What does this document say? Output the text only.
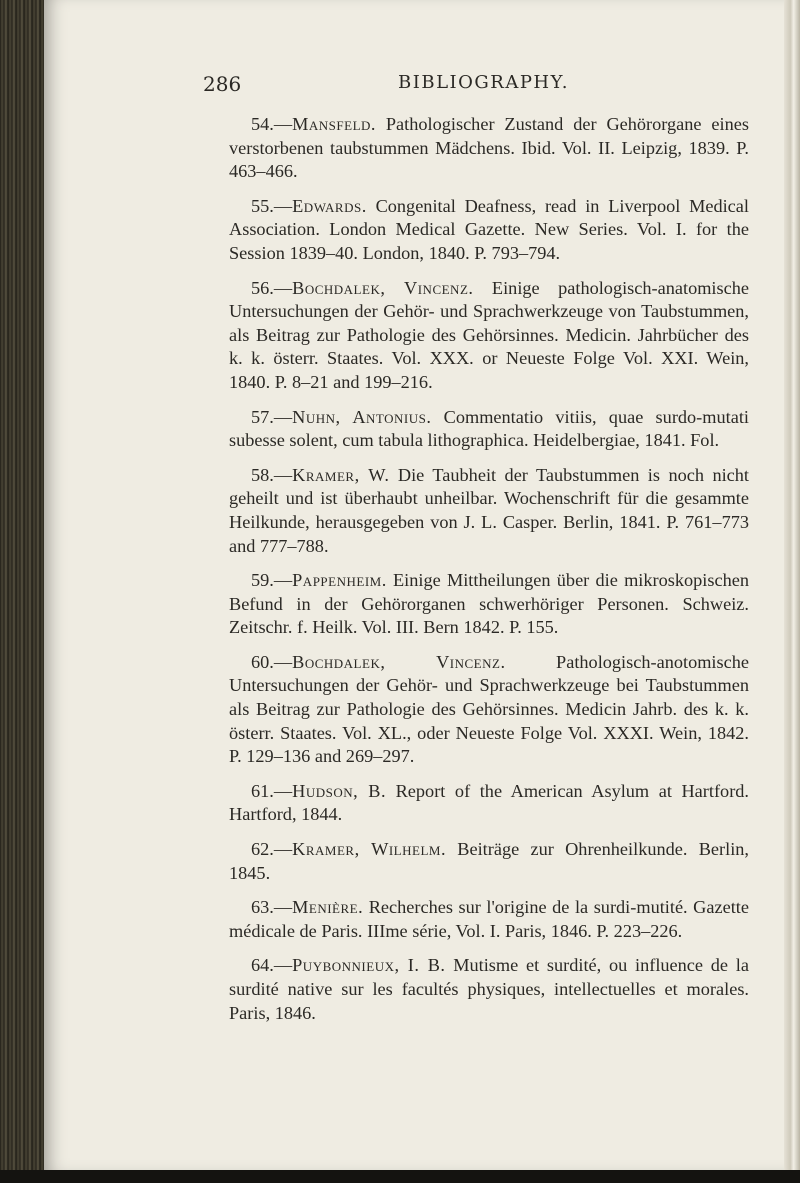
286	BIBLIOGRAPHY.

54.—Mansfeld. Pathologischer Zustand der Gehörorgane eines verstorbenen taubstummen Mädchens. Ibid. Vol. II. Leipzig, 1839. P. 463–466.

55.—Edwards. Congenital Deafness, read in Liverpool Medical Association. London Medical Gazette. New Series. Vol. I. for the Session 1839–40. London, 1840. P. 793–794.

56.—Bochdalek, Vincenz. Einige pathologisch-anatomische Untersuchungen der Gehör- und Sprachwerkzeuge von Taubstummen, als Beitrag zur Pathologie des Gehörsinnes. Medicin. Jahrbücher des k. k. österr. Staates. Vol. XXX. or Neueste Folge Vol. XXI. Wein, 1840. P. 8–21 and 199–216.

57.—Nuhn, Antonius. Commentatio vitiis, quae surdo-mutati subesse solent, cum tabula lithographica. Heidelbergiae, 1841. Fol.

58.—Kramer, W. Die Taubheit der Taubstummen is noch nicht geheilt und ist überhaubt unheilbar. Wochenschrift für die gesammte Heilkunde, herausgegeben von J. L. Casper. Berlin, 1841. P. 761–773 and 777–788.

59.—Pappenheim. Einige Mittheilungen über die mikroskopischen Befund in der Gehörorganen schwerhöriger Personen. Schweiz. Zeitschr. f. Heilk. Vol. III. Bern 1842. P. 155.

60.—Bochdalek, Vincenz. Pathologisch-anotomische Untersuchungen der Gehör- und Sprachwerkzeuge bei Taubstummen als Beitrag zur Pathologie des Gehörsinnes. Medicin Jahrb. des k. k. österr. Staates. Vol. XL., oder Neueste Folge Vol. XXXI. Wein, 1842. P. 129–136 and 269–297.

61.—Hudson, B. Report of the American Asylum at Hartford. Hartford, 1844.

62.—Kramer, Wilhelm. Beiträge zur Ohrenheilkunde. Berlin, 1845.

63.—Menière. Recherches sur l'origine de la surdi-mutité. Gazette médicale de Paris. IIIme série, Vol. I. Paris, 1846. P. 223–226.

64.—Puybonnieux, I. B. Mutisme et surdité, ou influence de la surdité native sur les facultés physiques, intellectuelles et morales. Paris, 1846.
